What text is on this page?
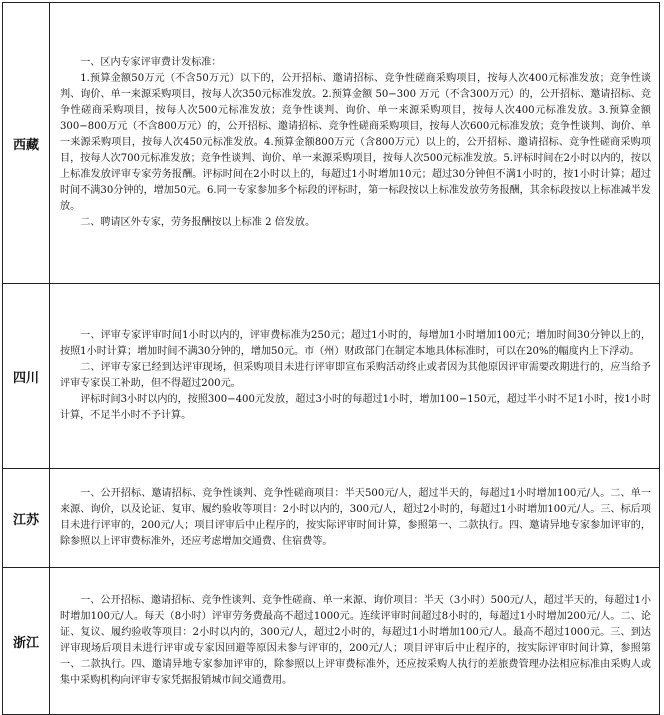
西藏	一、区内专家评审费计发标准：

1.预算金额50万元（不含50万元）以下的，公开招标、邀请招标、竞争性磋商采购项目，按每人次400元标准发放；竞争性谈判、询价、单一来源采购项目，按每人次350元标准发放。2.预算金额 50−300 万元（不含300万元）的，公开招标、邀请招标、竞争性磋商采购项目，按每人次500元标准发放；竞争性谈判、询价、单一来源采购项目，按每人次400元标准发放。3.预算金额300−800万元（不含800万元）的，公开招标、邀请招标、竞争性磋商采购项目，按每人次600元标准发放；竞争性谈判、询价、单一来源采购项目，按每人次450元标准发放。4.预算金额800万元（含800万元）以上的，公开招标、邀请招标、竞争性磋商采购项目，按每人次700元标准发放；竞争性谈判、询价、单一来源采购项目，按每人次500元标准发放。5.评标时间在2小时以内的，按以上标准发放评审专家劳务报酬。评标时间在2小时以上的，每超过1小时增加10元；超过30分钟但不满1小时的，按1小时计算；超过时间不满30分钟的，增加50元。6.同一专家参加多个标段的评标时，第一标段按以上标准发放劳务报酬，其余标段按以上标准减半发放。

二、聘请区外专家，劳务报酬按以上标准 2 倍发放。

四川	一、评审专家评审时间1小时以内的，评审费标准为250元；超过1小时的，每增加1小时增加100元；增加时间30分钟以上的，按照1小时计算；增加时间不满30分钟的，增加50元。市（州）财政部门在制定本地具体标准时，可以在20%的幅度内上下浮动。

二、评审专家已经到达评审现场，但采购项目未进行评审即宣布采购活动终止或者因为其他原因评审需要改期进行的，应当给予评审专家误工补助，但不得超过200元。

评标时间3小时以内的，按照300−400元发放，超过3小时的每超过1小时，增加100−150元，超过半小时不足1小时，按1小时计算，不足半小时不予计算。

江苏	一、公开招标、邀请招标、竞争性谈判、竞争性磋商项目：半天500元/人，超过半天的，每超过1小时增加100元/人。二、单一来源、询价，以及论证、复审、履约验收等项目：2小时以内的，300元/人，超过2小时的，每超过1小时增加100元/人。三、标后项目未进行评审的，200元/人；项目评审后中止程序的，按实际评审时间计算，参照第一、二款执行。四、邀请异地专家参加评审的，除参照以上评审费标准外，还应考虑增加交通费、住宿费等。

浙江	一、公开招标、邀请招标、竞争性谈判、竞争性磋商、单一来源、询价项目：半天（3小时）500元/人，超过半天的，每超过1小时增加100元/人。每天（8小时）评审劳务费最高不超过1000元。连续评审时间超过8小时的，每超过1小时增加200元/人。二、论证、复议、履约验收等项目：2小时以内的，300元/人，超过2小时的，每超过1小时增加100元/人。最高不超过1000元。三、到达评审现场后项目未进行评审或专家因回避等原因未参与评审的，200元/人；项目评审后中止程序的，按实际评审时间计算，参照第一、二款执行。四、邀请异地专家参加评审的，除参照以上评审费标准外，还应按采购人执行的差旅费管理办法相应标准由采购人或集中采购机构向评审专家凭据报销城市间交通费用。
